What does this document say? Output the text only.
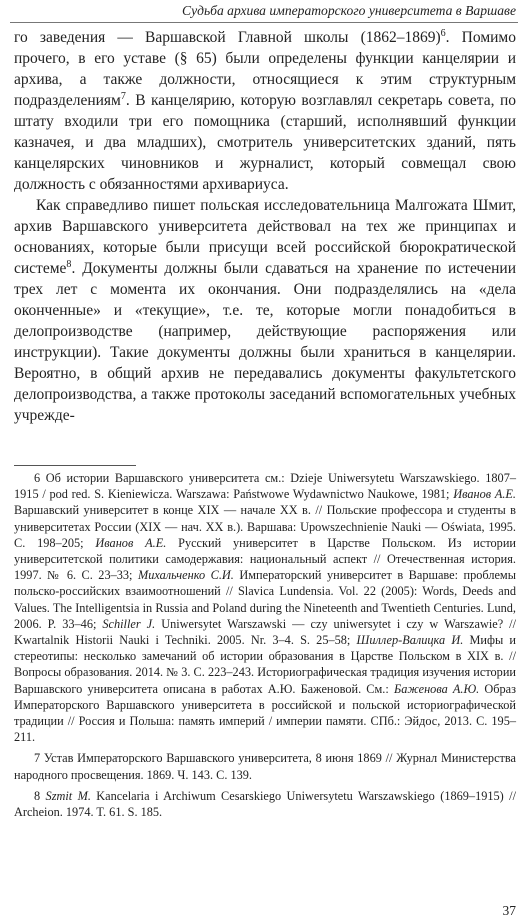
Судьба архива императорского университета в Варшаве

го заведения — Варшавской Главной школы (1862–1869)$^6$. Помимо прочего, в его уставе (§ 65) были определены функции канцелярии и архива, а также должности, относящиеся к этим структурным подразделениям$^7$. В канцелярию, которую возглавлял секретарь совета, по штату входили три его помощника (старший, исполнявший функции казначея, и два младших), смотритель университетских зданий, пять канцелярских чиновников и журналист, который совмещал свою должность с обязанностями архивариуса.

Как справедливо пишет польская исследовательница Малгожата Шмит, архив Варшавского университета действовал на тех же принципах и основаниях, которые были присущи всей российской бюрократической системе$^8$. Документы должны были сдаваться на хранение по истечении трех лет с момента их окончания. Они подразделялись на «дела оконченные» и «текущие», т.е. те, которые могли понадобиться в делопроизводстве (например, действующие распоряжения или инструкции). Такие документы должны были храниться в канцелярии. Вероятно, в общий архив не передавались документы факультетского делопроизводства, а также протоколы заседаний вспомогательных учебных учрежде-

6 Об истории Варшавского университета см.: Dzieje Uniwersytetu Warszawskiego. 1807–1915 / pod red. S. Kieniewicza. Warszawa: Państwowe Wydawnictwo Naukowe, 1981; Иванов А.Е. Варшавский университет в конце XIX — начале XX в. // Польские профессора и студенты в университетах России (XIX — нач. XX в.). Варшава: Upowszechnienie Nauki — Oświata, 1995. С. 198–205; Иванов А.Е. Русский университет в Царстве Польском. Из истории университетской политики самодержавия: национальный аспект // Отечественная история. 1997. № 6. С. 23–33; Михальченко С.И. Императорский университет в Варшаве: проблемы польско-российских взаимоотношений // Slavica Lundensia. Vol. 22 (2005): Words, Deeds and Values. The Intelligentsia in Russia and Poland during the Nineteenth and Twentieth Centuries. Lund, 2006. P. 33–46; Schiller J. Uniwersytet Warszawski — czy uniwersytet i czy w Warszawie? // Kwartalnik Historii Nauki i Techniki. 2005. Nr. 3–4. S. 25–58; Шиллер-Валицка И. Мифы и стереотипы: несколько замечаний об истории образования в Царстве Польском в XIX в. // Вопросы образования. 2014. № 3. С. 223–243. Историографическая традиция изучения истории Варшавского университета описана в работах А.Ю. Баженовой. См.: Баженова А.Ю. Образ Императорского Варшавского университета в российской и польской историографической традиции // Россия и Польша: память империй / империи памяти. СПб.: Эйдос, 2013. С. 195–211.

7 Устав Императорского Варшавского университета, 8 июня 1869 // Журнал Министерства народного просвещения. 1869. Ч. 143. С. 139.

8 Szmit M. Kancelaria i Archiwum Cesarskiego Uniwersytetu Warszawskiego (1869–1915) // Archeion. 1974. T. 61. S. 185.

37
